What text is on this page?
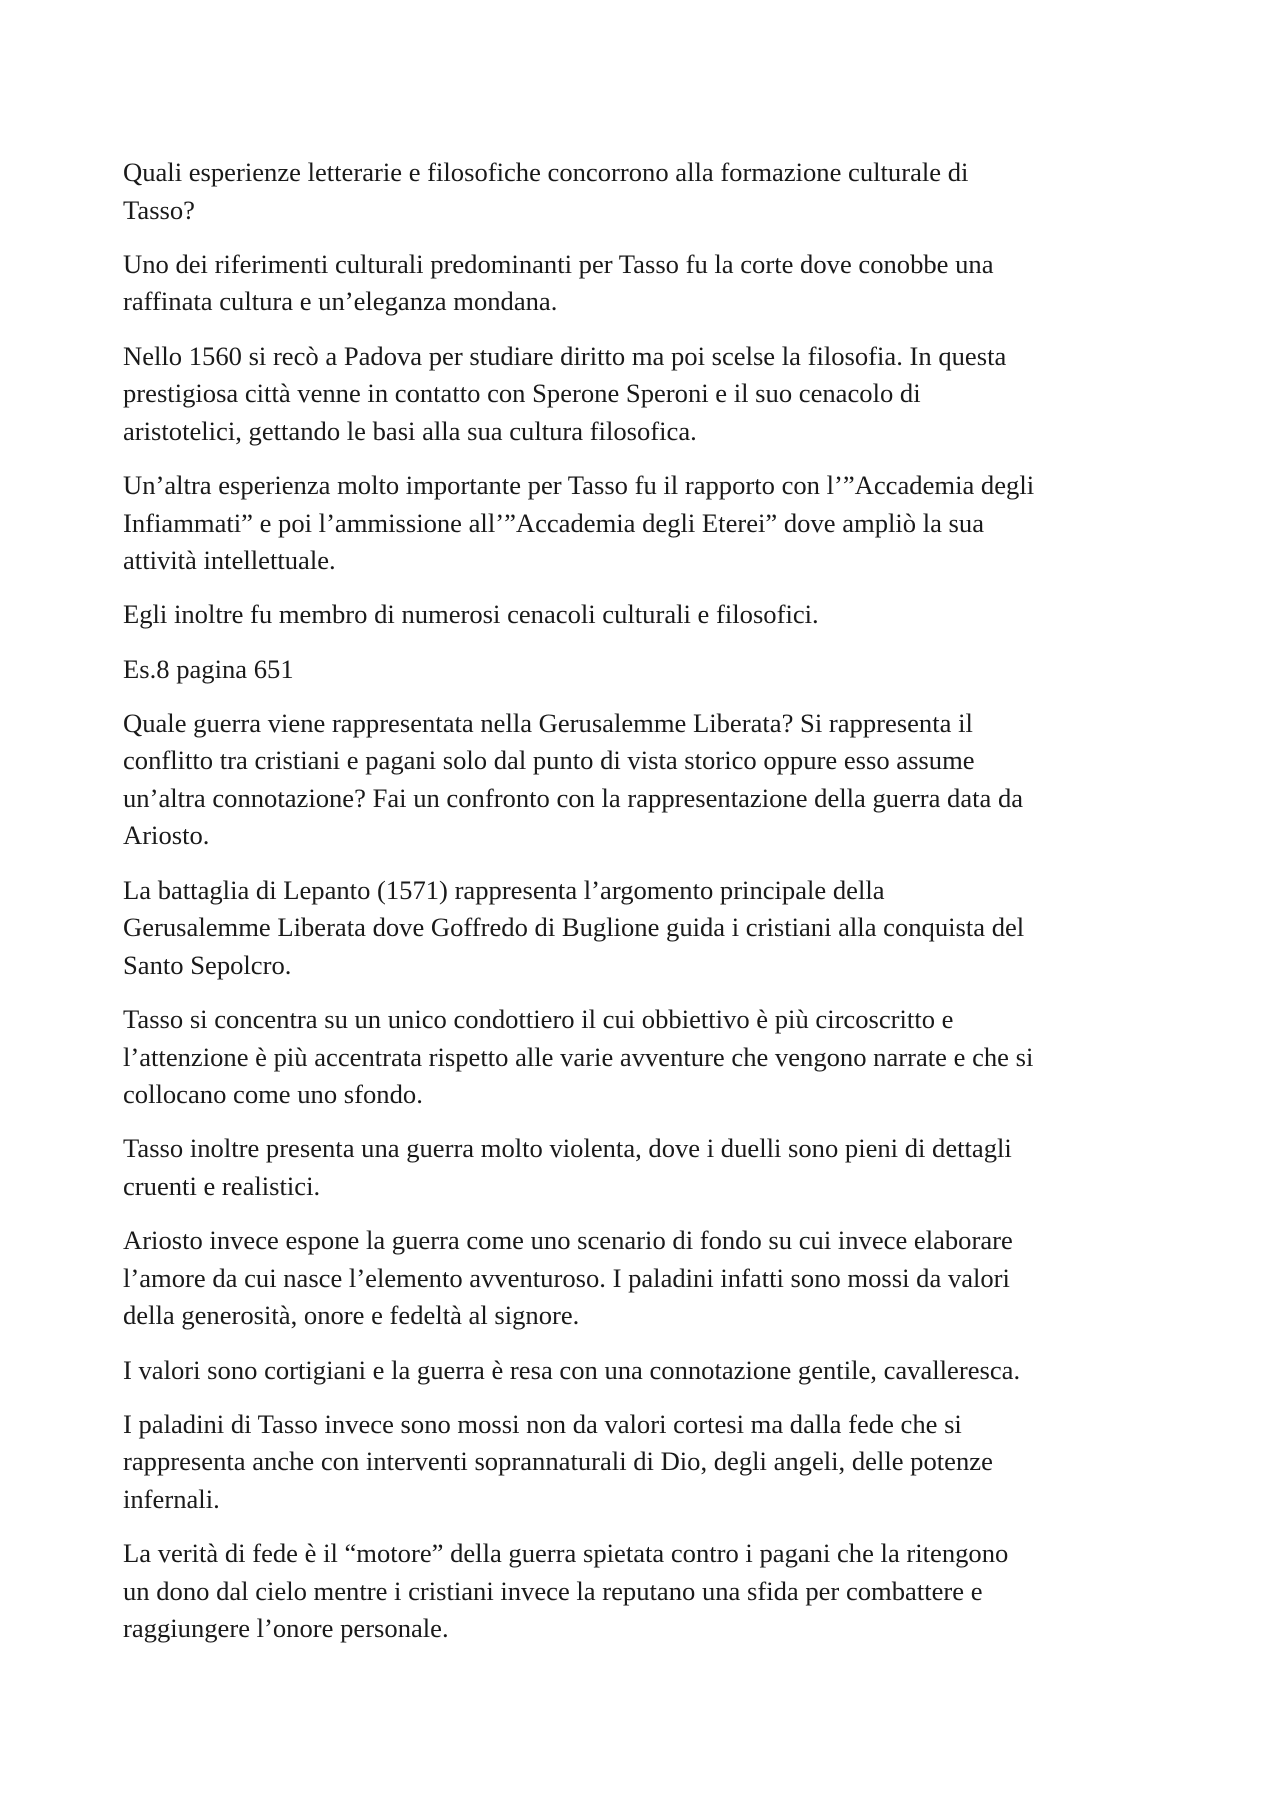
Quali esperienze letterarie e filosofiche concorrono alla formazione culturale di
Tasso?

Uno dei riferimenti culturali predominanti per Tasso fu la corte dove conobbe una
raffinata cultura e un’eleganza mondana.

Nello 1560 si recò a Padova per studiare diritto ma poi scelse la filosofia. In questa
prestigiosa città venne in contatto con Sperone Speroni e il suo cenacolo di
aristotelici, gettando le basi alla sua cultura filosofica.

Un’altra esperienza molto importante per Tasso fu il rapporto con l’”Accademia degli
Infiammati” e poi l’ammissione all’”Accademia degli Eterei” dove ampliò la sua
attività intellettuale.

Egli inoltre fu membro di numerosi cenacoli culturali e filosofici.

Es.8 pagina 651

Quale guerra viene rappresentata nella Gerusalemme Liberata? Si rappresenta il
conflitto tra cristiani e pagani solo dal punto di vista storico oppure esso assume
un’altra connotazione? Fai un confronto con la rappresentazione della guerra data da
Ariosto.

La battaglia di Lepanto (1571) rappresenta l’argomento principale della
Gerusalemme Liberata dove Goffredo di Buglione guida i cristiani alla conquista del
Santo Sepolcro.

Tasso si concentra su un unico condottiero il cui obbiettivo è più circoscritto e
l’attenzione è più accentrata rispetto alle varie avventure che vengono narrate e che si
collocano come uno sfondo.

Tasso inoltre presenta una guerra molto violenta, dove i duelli sono pieni di dettagli
cruenti e realistici.

Ariosto invece espone la guerra come uno scenario di fondo su cui invece elaborare
l’amore da cui nasce l’elemento avventuroso. I paladini infatti sono mossi da valori
della generosità, onore e fedeltà al signore.

I valori sono cortigiani e la guerra è resa con una connotazione gentile, cavalleresca.

I paladini di Tasso invece sono mossi non da valori cortesi ma dalla fede che si
rappresenta anche con interventi soprannaturali di Dio, degli angeli, delle potenze
infernali.

La verità di fede è il “motore” della guerra spietata contro i pagani che la ritengono
un dono dal cielo mentre i cristiani invece la reputano una sfida per combattere e
raggiungere l’onore personale.
